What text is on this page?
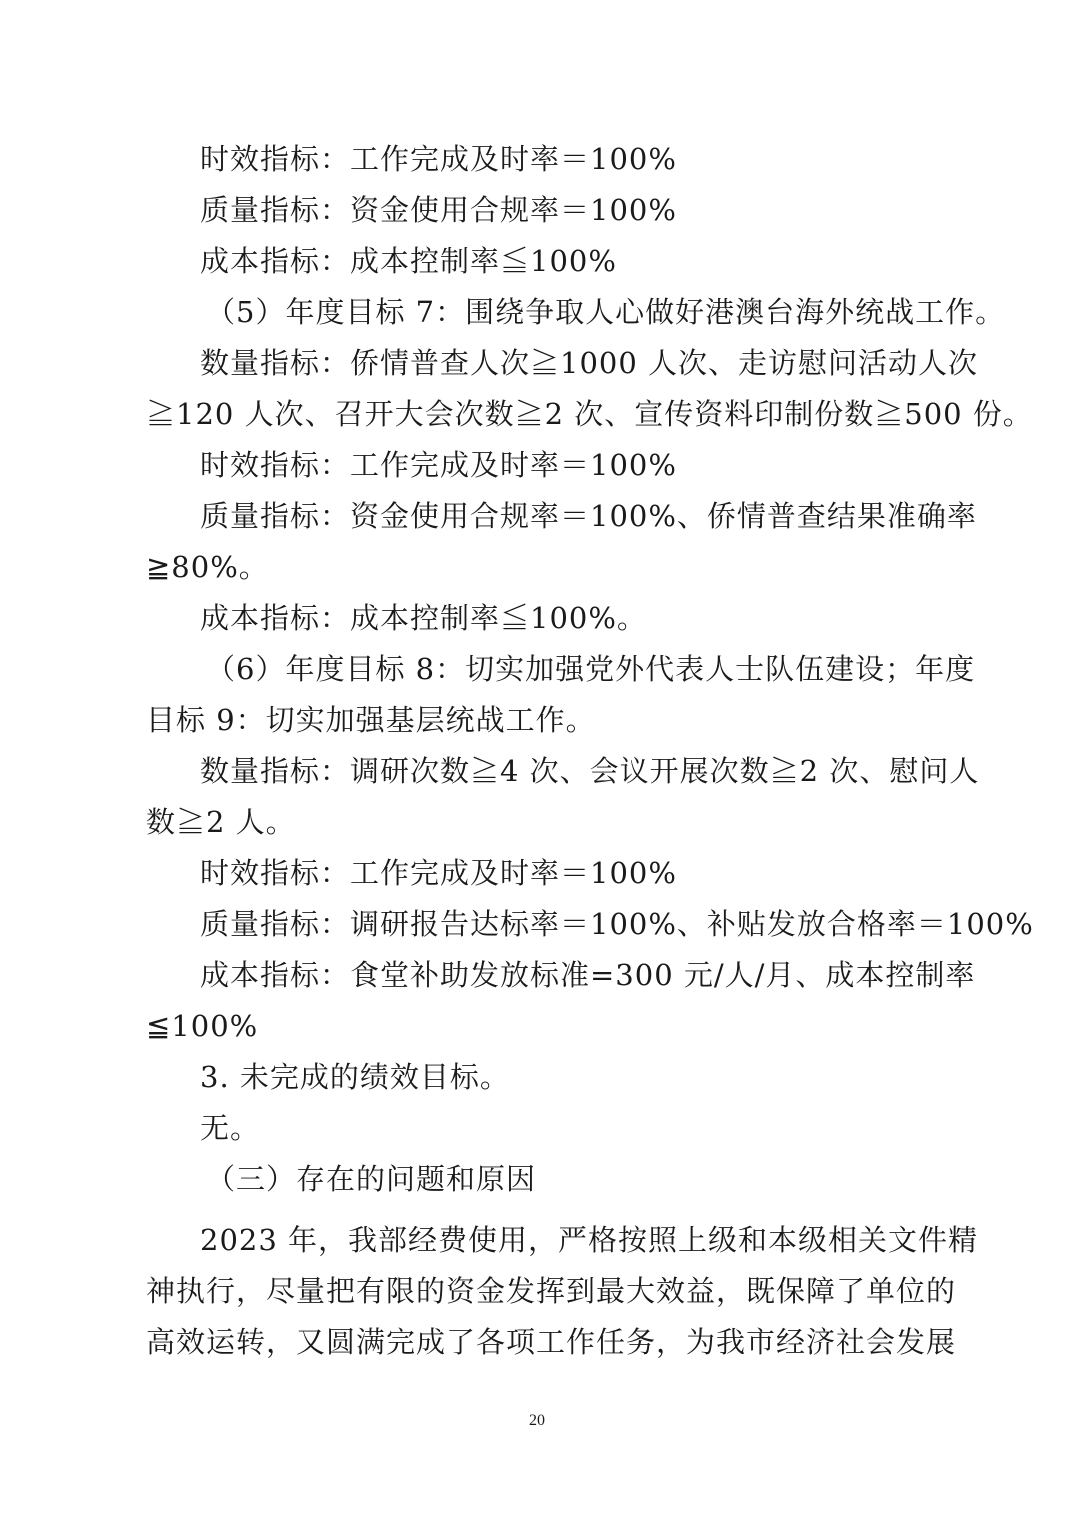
时效指标：工作完成及时率＝100%
质量指标：资金使用合规率＝100%
成本指标：成本控制率≦100%
（5）年度目标 7：围绕争取人心做好港澳台海外统战工作。
数量指标：侨情普查人次≧1000 人次、走访慰问活动人次
≧120 人次、召开大会次数≧2 次、宣传资料印制份数≧500 份。
时效指标：工作完成及时率＝100%
质量指标：资金使用合规率＝100%、侨情普查结果准确率
≧80%。
成本指标：成本控制率≦100%。
（6）年度目标 8：切实加强党外代表人士队伍建设；年度
目标 9：切实加强基层统战工作。
数量指标：调研次数≧4 次、会议开展次数≧2 次、慰问人
数≧2 人。
时效指标：工作完成及时率＝100%
质量指标：调研报告达标率＝100%、补贴发放合格率＝100%
成本指标：食堂补助发放标准=300 元/人/月、成本控制率
≦100%
3. 未完成的绩效目标。
无。
（三）存在的问题和原因
2023 年，我部经费使用，严格按照上级和本级相关文件精
神执行，尽量把有限的资金发挥到最大效益，既保障了单位的
高效运转，又圆满完成了各项工作任务，为我市经济社会发展
20
